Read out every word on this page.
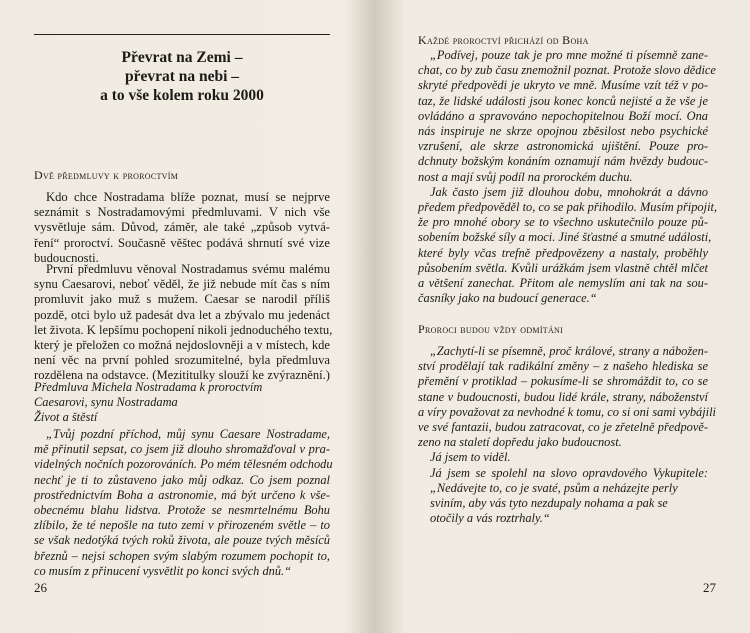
Převrat na Zemi –
převrat na nebi –
a to vše kolem roku 2000
Dvě předmluvy k proroctvím
Kdo chce Nostradama blíže poznat, musí se nejprve
seznámit s Nostradamovými předmluvami. V nich vše
vysvětluje sám. Důvod, záměr, ale také „způsob vytvá-
ření“ proroctví. Současně věštec podává shrnutí své vize
budoucnosti.
První předmluvu věnoval Nostradamus svému malému
synu Caesarovi, neboť věděl, že již nebude mít čas s ním
promluvit jako muž s mužem. Caesar se narodil příliš
pozdě, otci bylo už padesát dva let a zbývalo mu jedenáct
let života. K lepšímu pochopení nikoli jednoduchého textu,
který je přeložen co možná nejdoslovněji a v místech, kde
není věc na první pohled srozumitelné, byla předmluva
rozdělena na odstavce. (Mezititulky slouží ke zvýraznění.)
Předmluva Michela Nostradama k proroctvím
Caesarovi, synu Nostradama
Život a štěstí
„Tvůj pozdní příchod, můj synu Caesare Nostradame,
mě přinutil sepsat, co jsem již dlouho shromažďoval v pra-
videlných nočních pozorováních. Po mém tělesném odchodu
nechť je ti to zůstaveno jako můj odkaz. Co jsem poznal
prostřednictvím Boha a astronomie, má být určeno k vše-
obecnému blahu lidstva. Protože se nesmrtelnému Bohu
zlíbilo, že té nepošle na tuto zemi v přirozeném světle – to
se však nedotýká tvých roků života, ale pouze tvých měsíců
březnů – nejsi schopen svým slabým rozumem pochopit to,
co musím z přinucení vysvětlit po konci svých dnů.“
26
Každé proroctví přichází od Boha
„Podívej, pouze tak je pro mne možné ti písemně zane-
chat, co by zub času znemožnil poznat. Protože slovo dědice
skryté předpovědi je ukryto ve mně. Musíme vzít též v po-
taz, že lidské události jsou konec konců nejisté a že vše je
ovládáno a spravováno nepochopitelnou Boží mocí. Ona
nás inspiruje ne skrze opojnou zběsilost nebo psychické
vzrušení, ale skrze astronomická ujištění. Pouze pro-
dchnuty božským konáním oznamují nám hvězdy budouc-
nost a mají svůj podíl na prorockém duchu.
Jak často jsem již dlouhou dobu, mnohokrát a dávno
předem předpověděl to, co se pak přihodilo. Musím připojit,
že pro mnohé obory se to všechno uskutečnilo pouze pů-
sobením božské síly a moci. Jiné šťastné a smutné události,
které byly včas trefně předpovězeny a nastaly, proběhly
působením světla. Kvůli urážkám jsem vlastně chtěl mlčet
a většení zanechat. Přitom ale nemyslím ani tak na sou-
časníky jako na budoucí generace.“
Proroci budou vždy odmítáni
„Zachytí-li se písemně, proč králové, strany a nábožen-
ství prodělají tak radikální změny – z našeho hlediska se
přemění v protiklad – pokusíme-li se shromáždit to, co se
stane v budoucnosti, budou lidé krále, strany, náboženství
a víry považovat za nevhodné k tomu, co si oni sami vybájili
ve své fantazii, budou zatracovat, co je zřetelně předpově-
zeno na staletí dopředu jako budoucnost.
Já jsem to viděl.
Já jsem se spolehl na slovo opravdového Vykupitele:
„Nedávejte to, co je svaté, psům a neházejte perly
sviním, aby vás tyto nezdupaly nohama a pak se
otočily a vás roztrhaly.“
27
